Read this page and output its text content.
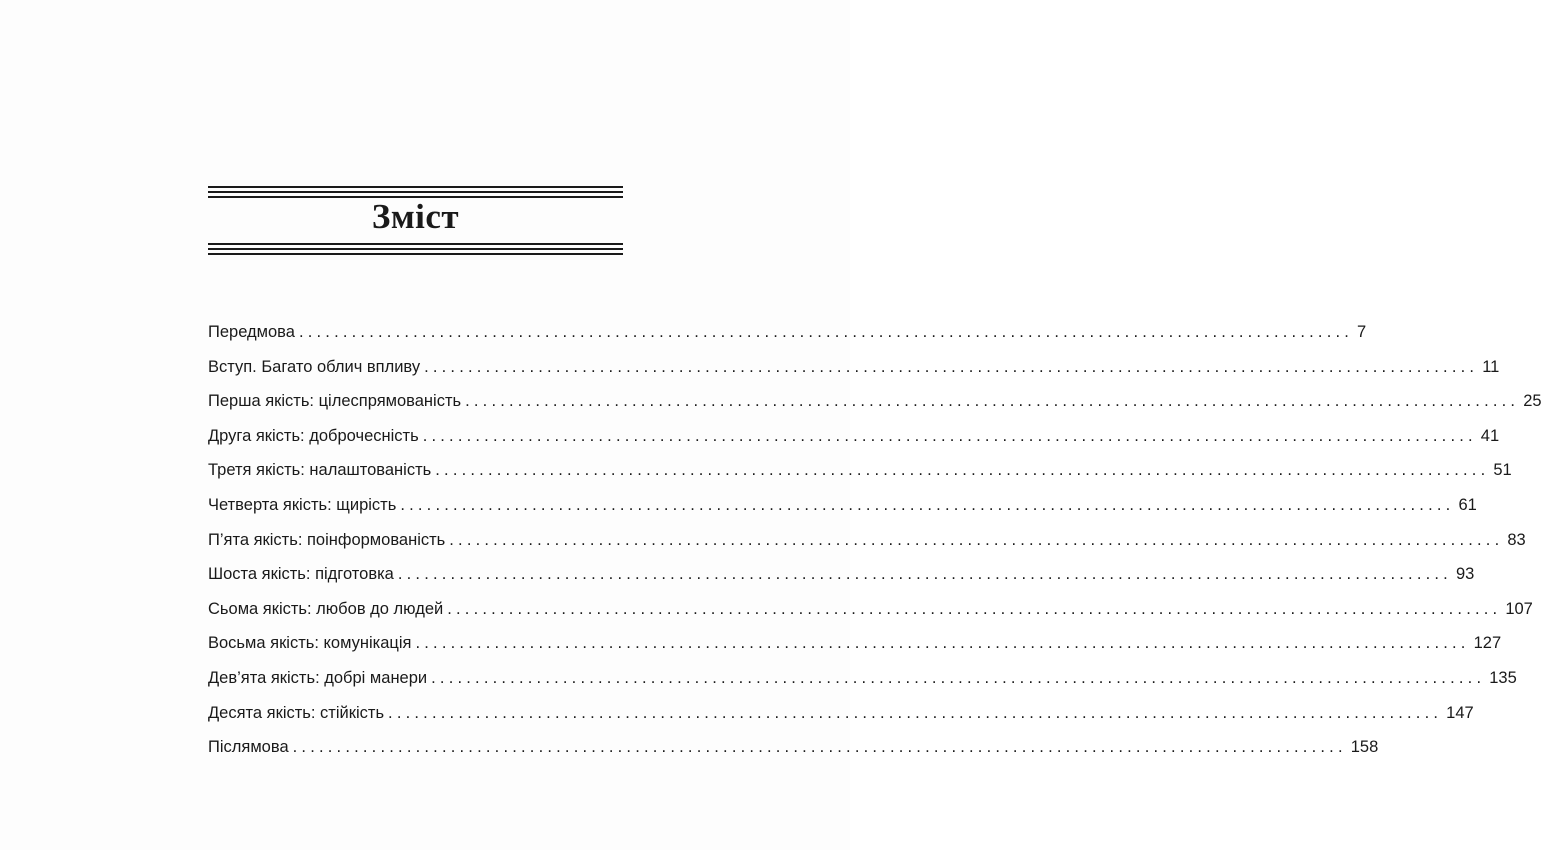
Зміст
Передмова ........................................................................................................................ 7
Вступ. Багато облич впливу ........................................................................................................................ 11
Перша якість: цілеспрямованість ........................................................................................................................ 25
Друга якість: доброчесність ........................................................................................................................ 41
Третя якість: налаштованість ........................................................................................................................ 51
Четверта якість: щирість ........................................................................................................................ 61
П’ята якість: поінформованість ........................................................................................................................ 83
Шоста якість: підготовка ........................................................................................................................ 93
Сьома якість: любов до людей ........................................................................................................................ 107
Восьма якість: комунікація ........................................................................................................................ 127
Дев’ята якість: добрі манери ........................................................................................................................ 135
Десята якість: стійкість ........................................................................................................................ 147
Післямова ........................................................................................................................ 158
